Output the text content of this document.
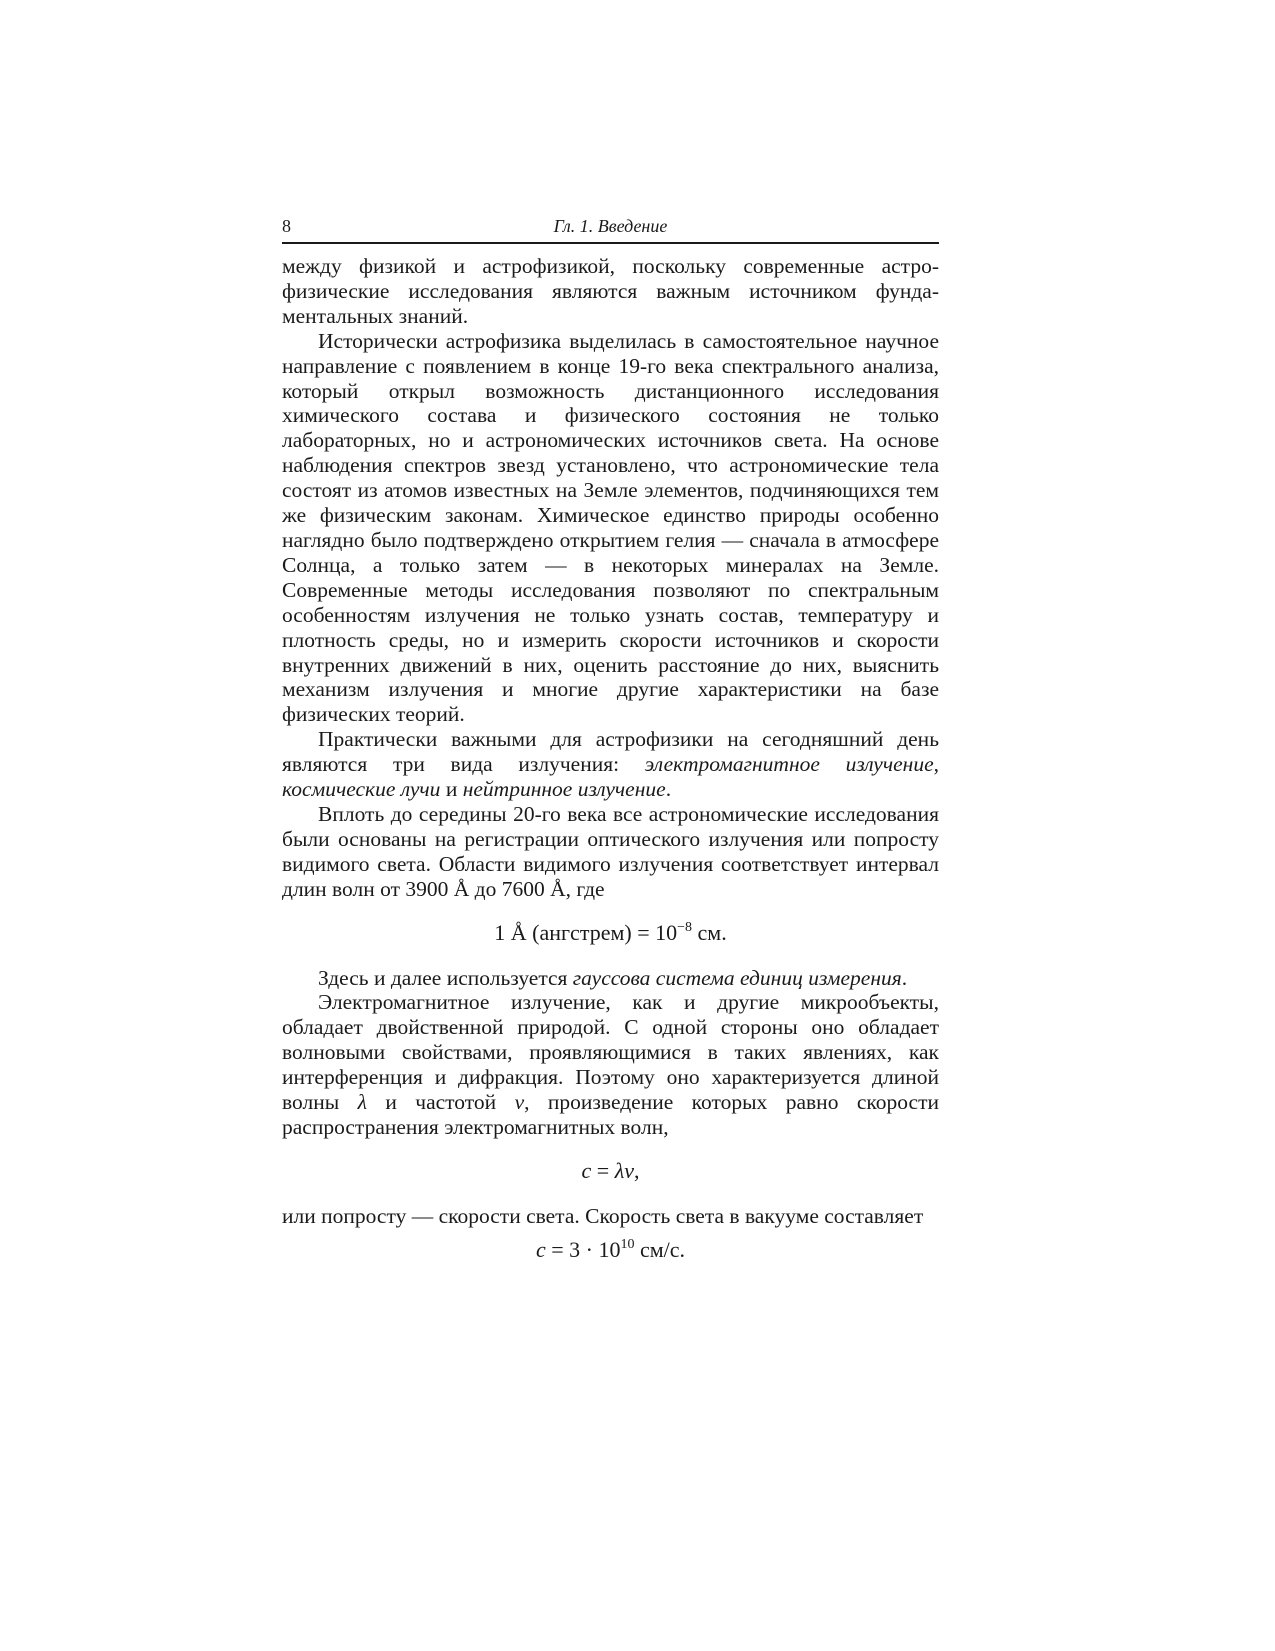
8	Гл. 1. Введение

между физикой и астрофизикой, поскольку современные астрофизические исследования являются важным источником фундаментальных знаний.

Исторически астрофизика выделилась в самостоятельное научное направление с появлением в конце 19-го века спектрального анализа, который открыл возможность дистанционного исследования химического состава и физического состояния не только лабораторных, но и астрономических источников света. На основе наблюдения спектров звезд установлено, что астрономические тела состоят из атомов известных на Земле элементов, подчиняющихся тем же физическим законам. Химическое единство природы особенно наглядно было подтверждено открытием гелия — сначала в атмосфере Солнца, а только затем — в некоторых минералах на Земле. Современные методы исследования позволяют по спектральным особенностям излучения не только узнать состав, температуру и плотность среды, но и измерить скорости источников и скорости внутренних движений в них, оценить расстояние до них, выяснить механизм излучения и многие другие характеристики на базе физических теорий.

Практически важными для астрофизики на сегодняшний день являются три вида излучения: электромагнитное излучение, космические лучи и нейтринное излучение.

Вплоть до середины 20-го века все астрономические исследования были основаны на регистрации оптического излучения или попросту видимого света. Области видимого излучения соответствует интервал длин волн от 3900 Å до 7600 Å, где

1 Å (ангстрем) = $10^{-8}$ см.

Здесь и далее используется гауссова система единиц измерения.

Электромагнитное излучение, как и другие микрообъекты, обладает двойственной природой. С одной стороны оно обладает волновыми свойствами, проявляющимися в таких явлениях, как интерференция и дифракция. Поэтому оно характеризуется длиной волны λ и частотой ν, произведение которых равно скорости распространения электромагнитных волн,

c = λν,

или попросту — скорости света. Скорость света в вакууме составляет

$c = 3 \cdot 10^{10}$ см/с.
